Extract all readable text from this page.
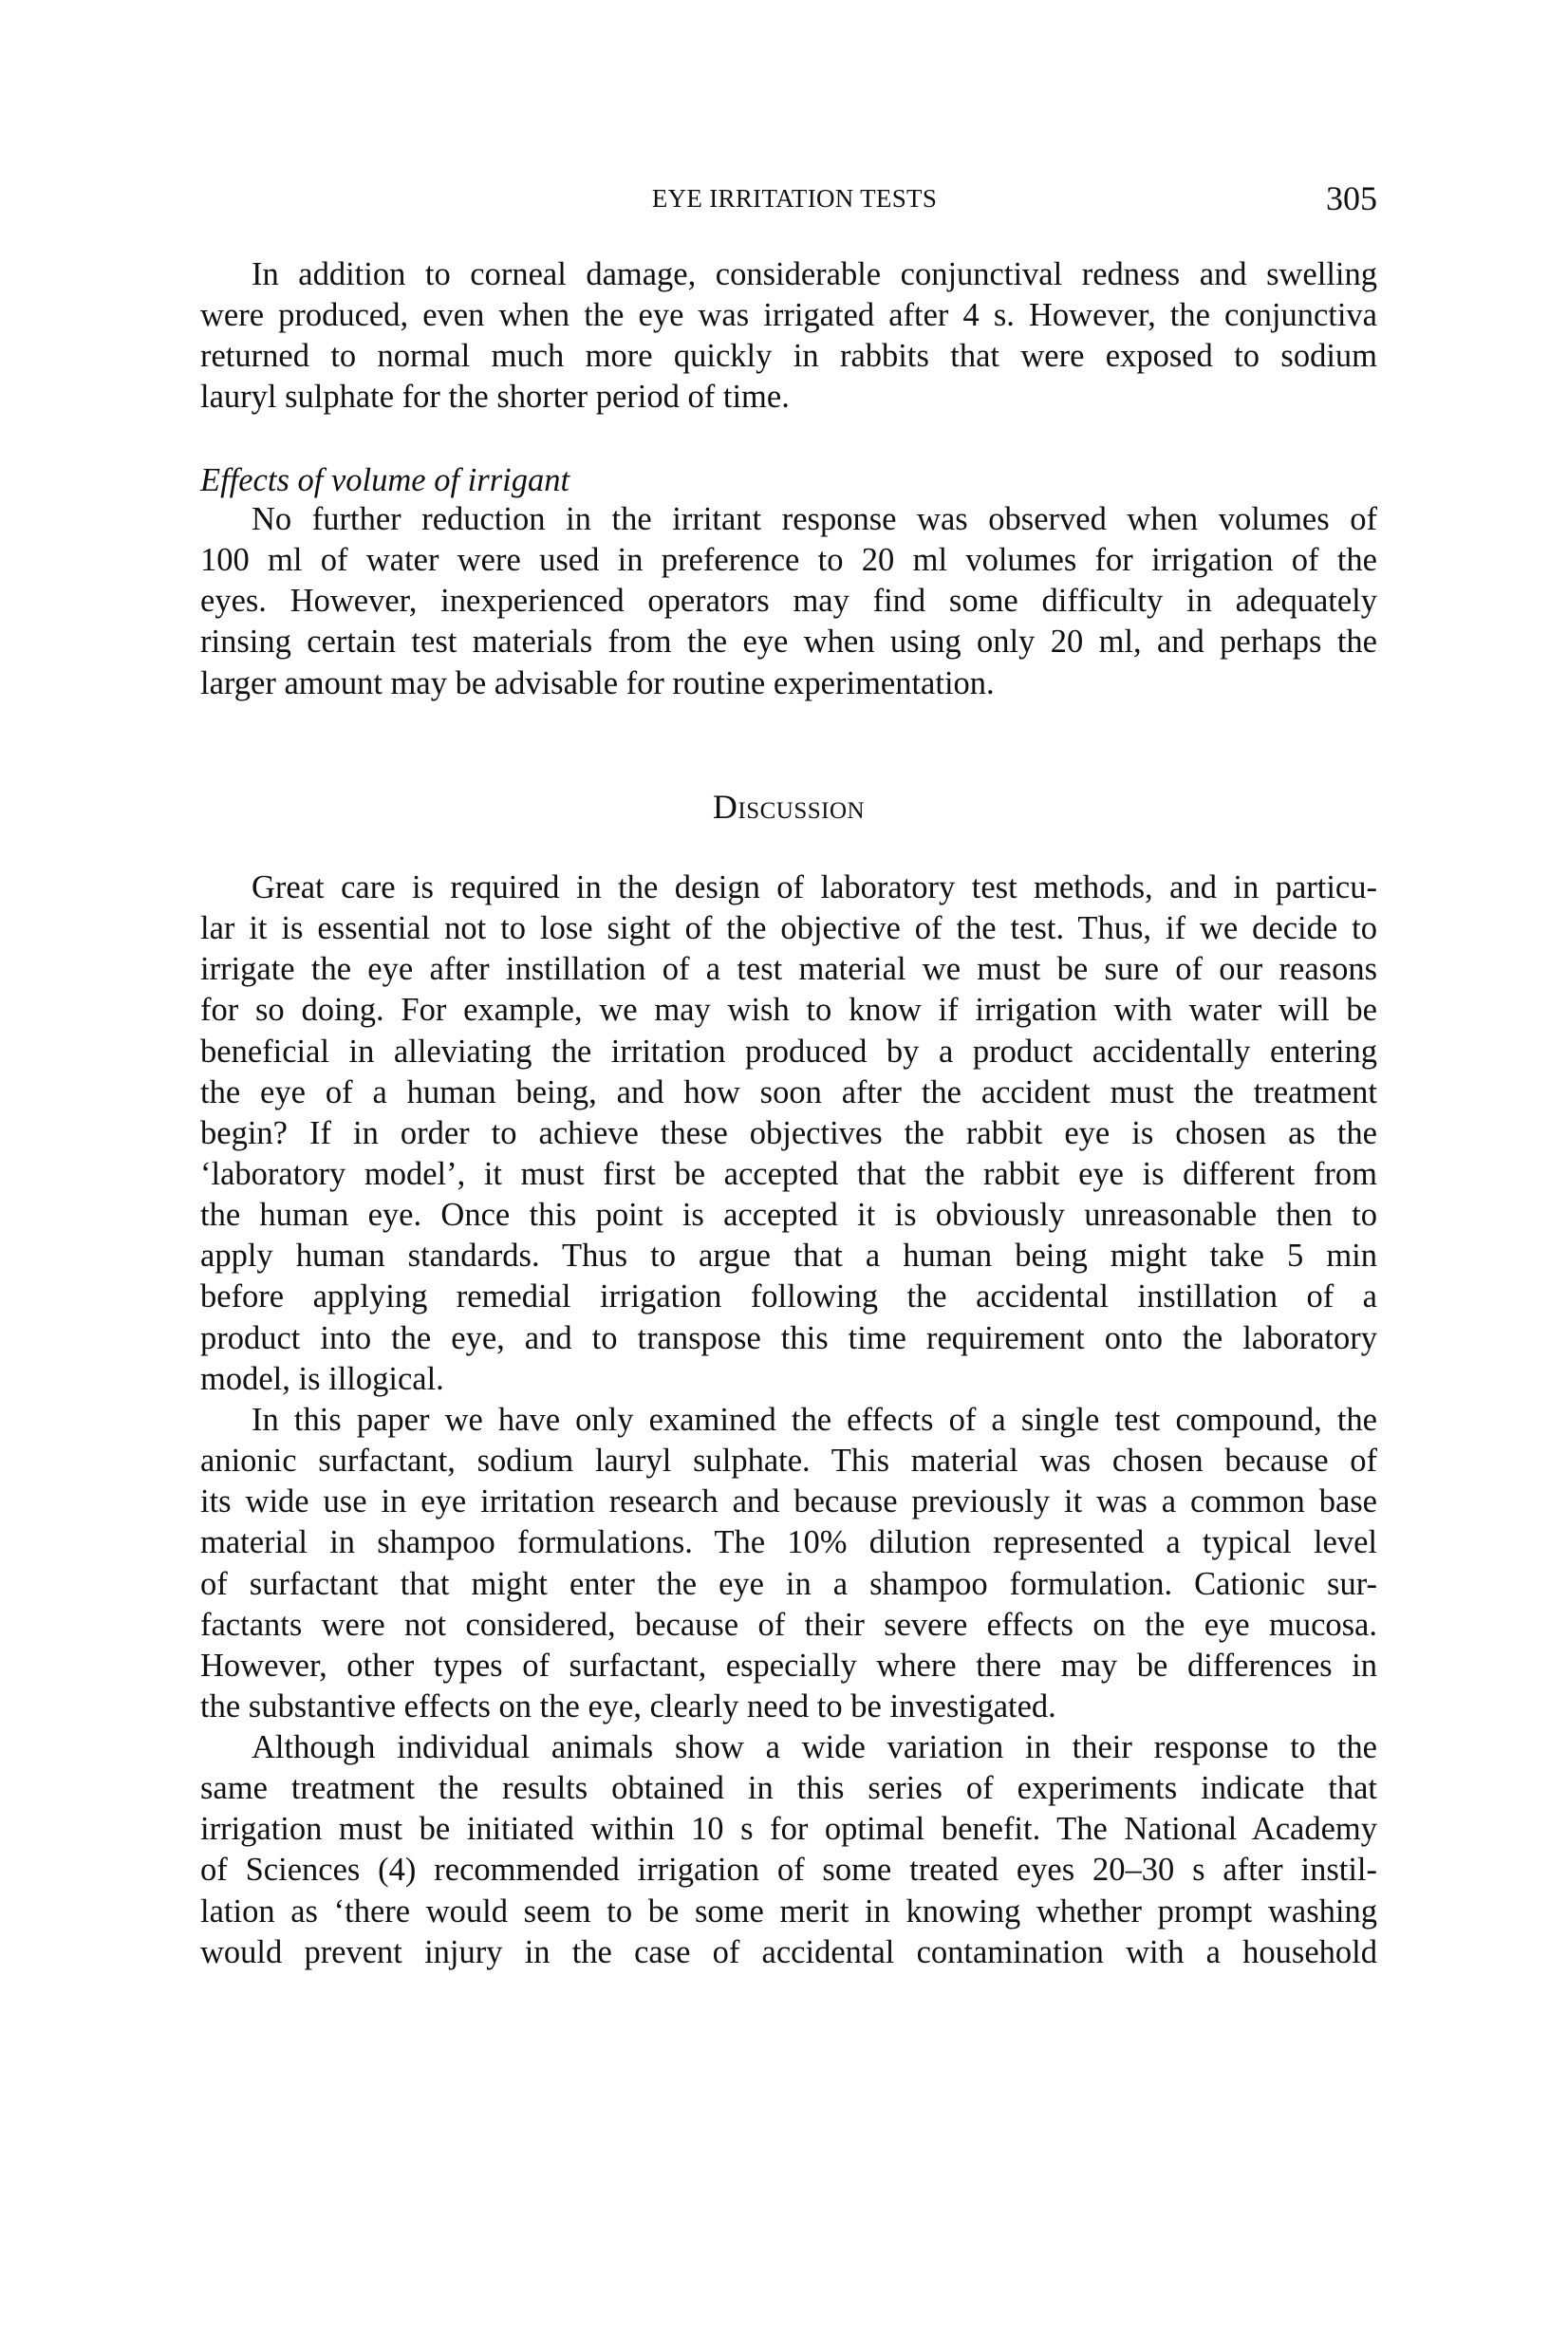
EYE IRRITATION TESTS	305
In addition to corneal damage, considerable conjunctival redness and swelling
were produced, even when the eye was irrigated after 4 s. However, the conjunctiva
returned to normal much more quickly in rabbits that were exposed to sodium
lauryl sulphate for the shorter period of time.
Effects of volume of irrigant
No further reduction in the irritant response was observed when volumes of
100 ml of water were used in preference to 20 ml volumes for irrigation of the
eyes. However, inexperienced operators may find some difficulty in adequately
rinsing certain test materials from the eye when using only 20 ml, and perhaps the
larger amount may be advisable for routine experimentation.
Discussion
Great care is required in the design of laboratory test methods, and in particu-
lar it is essential not to lose sight of the objective of the test. Thus, if we decide to
irrigate the eye after instillation of a test material we must be sure of our reasons
for so doing. For example, we may wish to know if irrigation with water will be
beneficial in alleviating the irritation produced by a product accidentally entering
the eye of a human being, and how soon after the accident must the treatment
begin? If in order to achieve these objectives the rabbit eye is chosen as the
‘laboratory model’, it must first be accepted that the rabbit eye is different from
the human eye. Once this point is accepted it is obviously unreasonable then to
apply human standards. Thus to argue that a human being might take 5 min
before applying remedial irrigation following the accidental instillation of a
product into the eye, and to transpose this time requirement onto the laboratory
model, is illogical.
In this paper we have only examined the effects of a single test compound, the
anionic surfactant, sodium lauryl sulphate. This material was chosen because of
its wide use in eye irritation research and because previously it was a common base
material in shampoo formulations. The 10% dilution represented a typical level
of surfactant that might enter the eye in a shampoo formulation. Cationic sur-
factants were not considered, because of their severe effects on the eye mucosa.
However, other types of surfactant, especially where there may be differences in
the substantive effects on the eye, clearly need to be investigated.
Although individual animals show a wide variation in their response to the
same treatment the results obtained in this series of experiments indicate that
irrigation must be initiated within 10 s for optimal benefit. The National Academy
of Sciences (4) recommended irrigation of some treated eyes 20–30 s after instil-
lation as ‘there would seem to be some merit in knowing whether prompt washing
would prevent injury in the case of accidental contamination with a household
